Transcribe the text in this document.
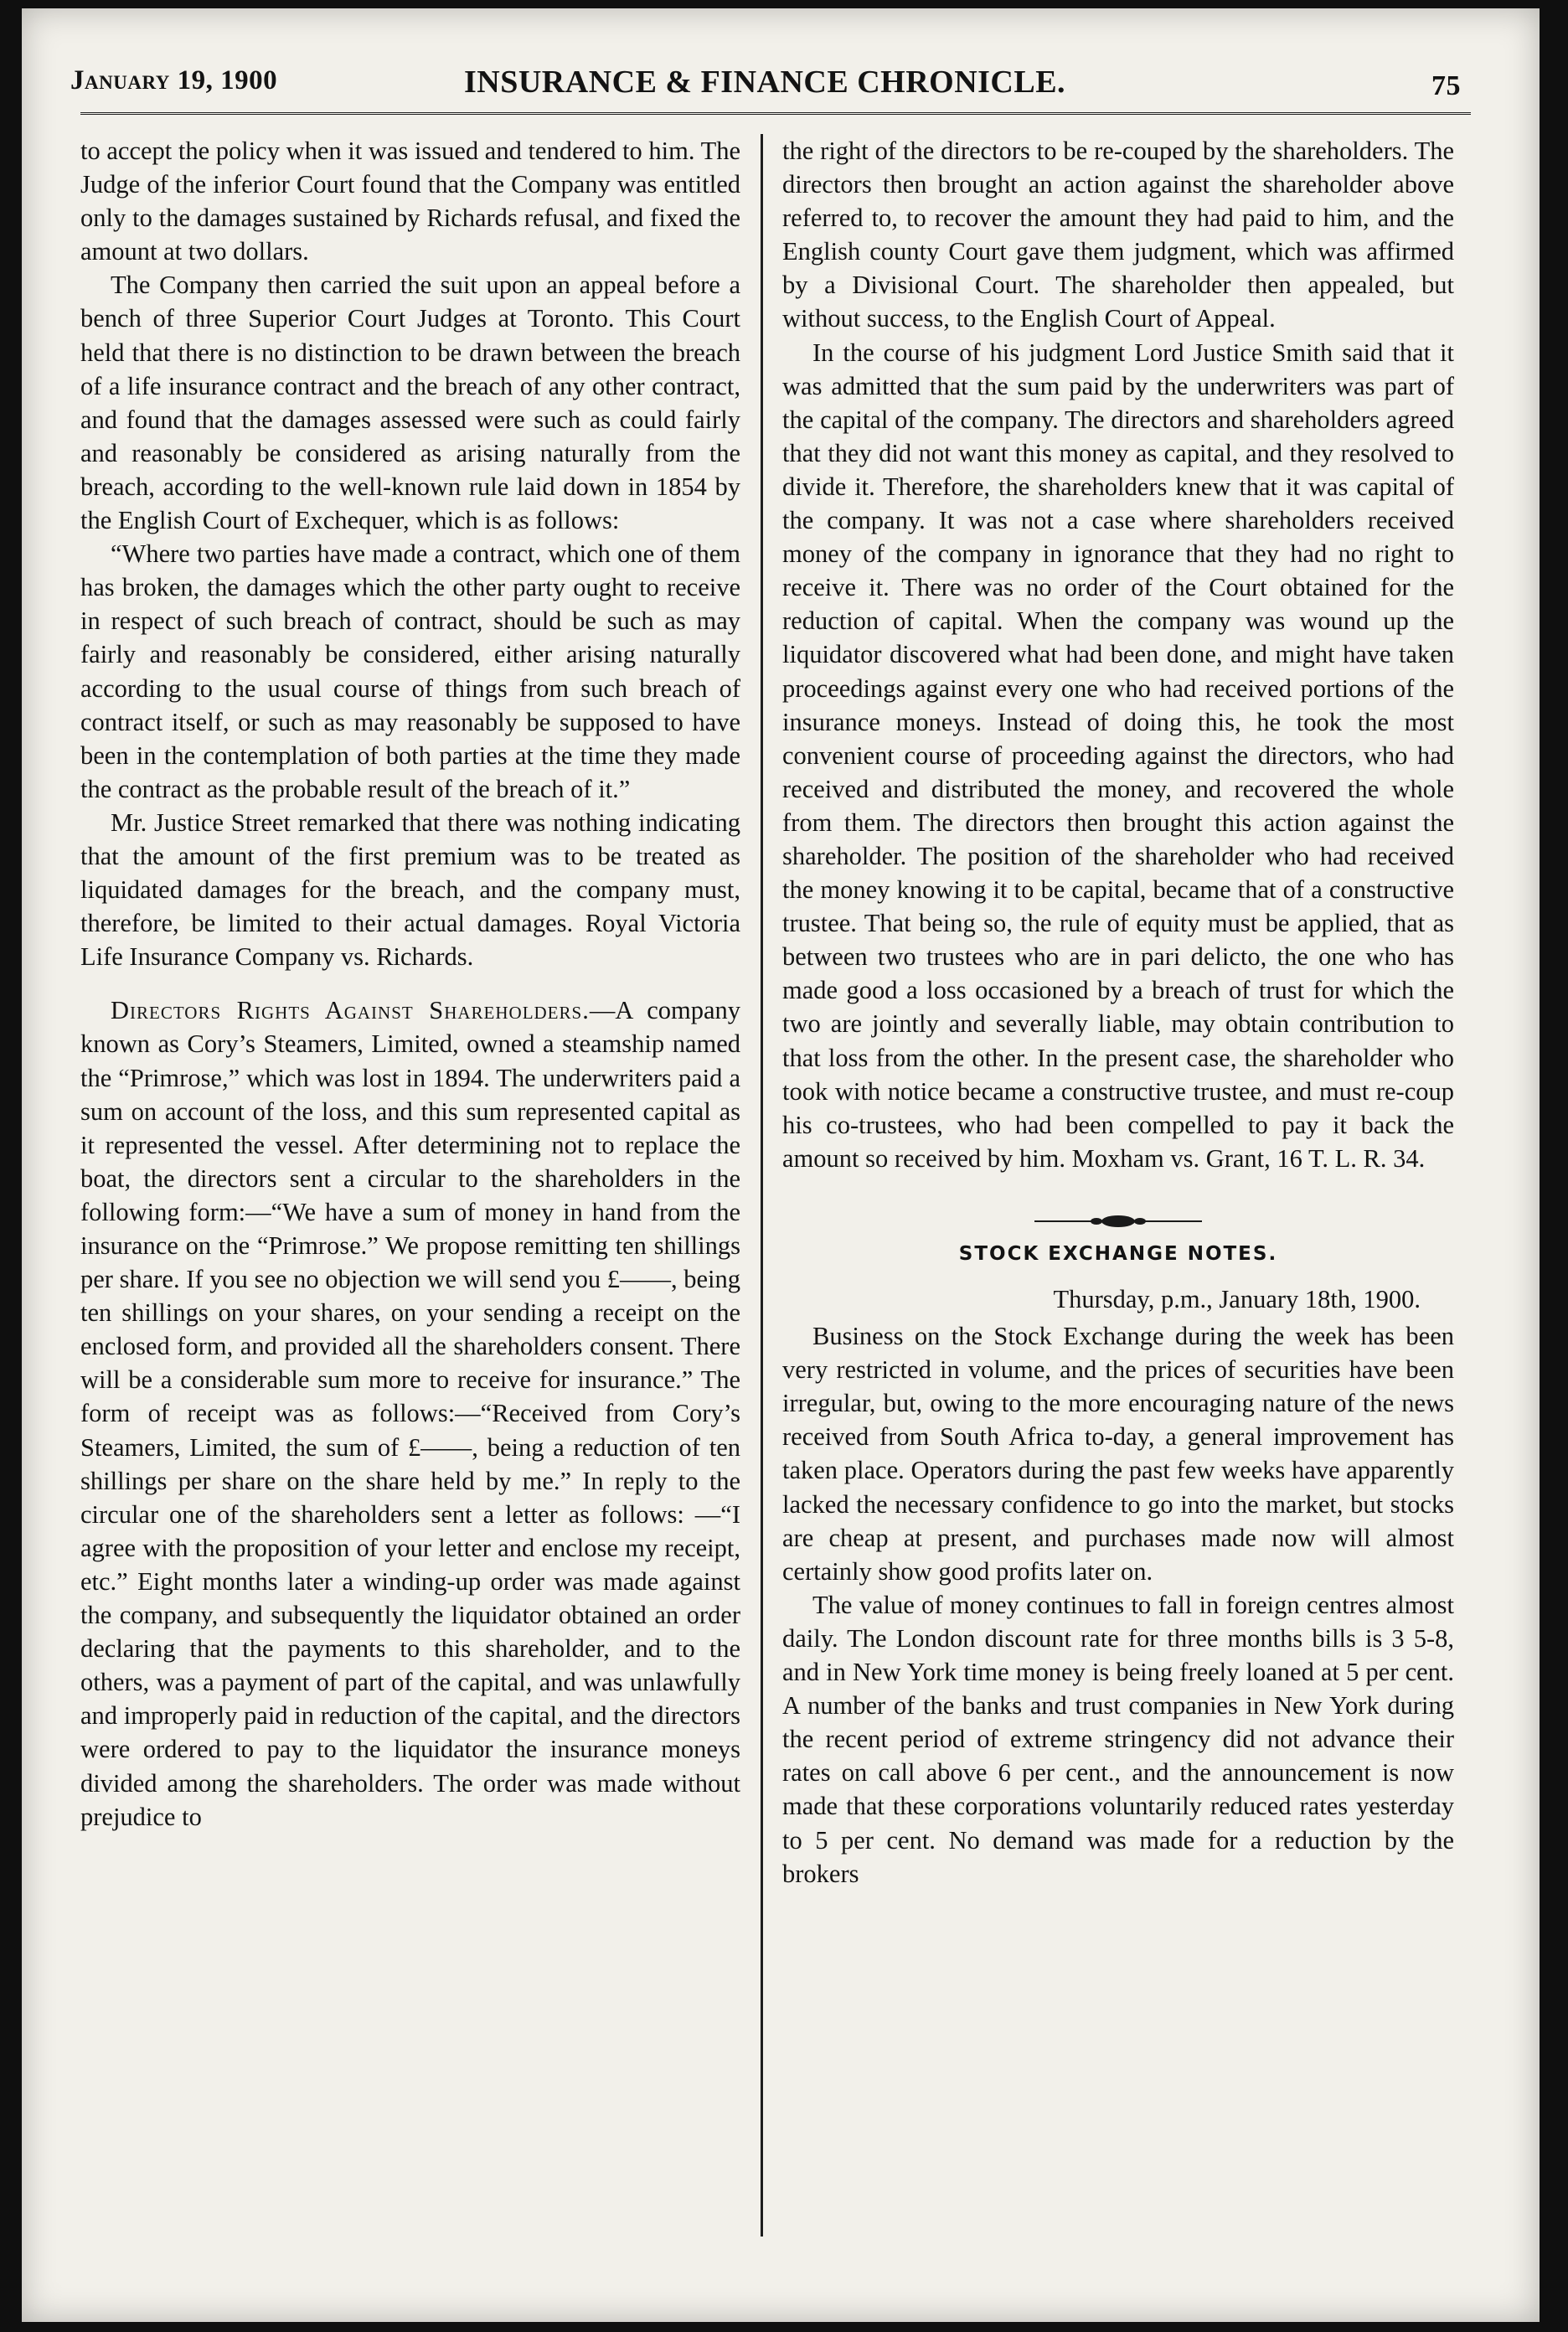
January 19, 1900	INSURANCE & FINANCE CHRONICLE.	75

to accept the policy when it was issued and tendered to him. The Judge of the inferior Court found that the Company was entitled only to the damages sustained by Richards refusal, and fixed the amount at two dollars.

The Company then carried the suit upon an appeal before a bench of three Superior Court Judges at Toronto. This Court held that there is no distinction to be drawn between the breach of a life insurance contract and the breach of any other contract, and found that the damages assessed were such as could fairly and reasonably be considered as arising naturally from the breach, according to the well-known rule laid down in 1854 by the English Court of Exchequer, which is as follows:

“Where two parties have made a contract, which one of them has broken, the damages which the other party ought to receive in respect of such breach of contract, should be such as may fairly and reasonably be considered, either arising naturally according to the usual course of things from such breach of contract itself, or such as may reasonably be supposed to have been in the contemplation of both parties at the time they made the contract as the probable result of the breach of it.”

Mr. Justice Street remarked that there was nothing indicating that the amount of the first premium was to be treated as liquidated damages for the breach, and the company must, therefore, be limited to their actual damages. Royal Victoria Life Insurance Company vs. Richards.

Directors Rights Against Shareholders.—A company known as Cory’s Steamers, Limited, owned a steamship named the “Primrose,” which was lost in 1894. The underwriters paid a sum on account of the loss, and this sum represented capital as it represented the vessel. After determining not to replace the boat, the directors sent a circular to the shareholders in the following form:—“We have a sum of money in hand from the insurance on the “Primrose.” We propose remitting ten shillings per share. If you see no objection we will send you £——, being ten shillings on your shares, on your sending a receipt on the enclosed form, and provided all the shareholders consent. There will be a considerable sum more to receive for insurance.” The form of receipt was as follows:—“Received from Cory’s Steamers, Limited, the sum of £——, being a reduction of ten shillings per share on the share held by me.” In reply to the circular one of the shareholders sent a letter as follows: —“I agree with the proposition of your letter and enclose my receipt, etc.” Eight months later a winding-up order was made against the company, and subsequently the liquidator obtained an order declaring that the payments to this shareholder, and to the others, was a payment of part of the capital, and was unlawfully and improperly paid in reduction of the capital, and the directors were ordered to pay to the liquidator the insurance moneys divided among the shareholders. The order was made without prejudice to

the right of the directors to be re-couped by the shareholders. The directors then brought an action against the shareholder above referred to, to recover the amount they had paid to him, and the English county Court gave them judgment, which was affirmed by a Divisional Court. The shareholder then appealed, but without success, to the English Court of Appeal.

In the course of his judgment Lord Justice Smith said that it was admitted that the sum paid by the underwriters was part of the capital of the company. The directors and shareholders agreed that they did not want this money as capital, and they resolved to divide it. Therefore, the shareholders knew that it was capital of the company. It was not a case where shareholders received money of the company in ignorance that they had no right to receive it. There was no order of the Court obtained for the reduction of capital. When the company was wound up the liquidator discovered what had been done, and might have taken proceedings against every one who had received portions of the insurance moneys. Instead of doing this, he took the most convenient course of proceeding against the directors, who had received and distributed the money, and recovered the whole from them. The directors then brought this action against the shareholder. The position of the shareholder who had received the money knowing it to be capital, became that of a constructive trustee. That being so, the rule of equity must be applied, that as between two trustees who are in pari delicto, the one who has made good a loss occasioned by a breach of trust for which the two are jointly and severally liable, may obtain contribution to that loss from the other. In the present case, the shareholder who took with notice became a constructive trustee, and must re-coup his co-trustees, who had been compelled to pay it back the amount so received by him. Moxham vs. Grant, 16 T. L. R. 34.

STOCK EXCHANGE NOTES.
Thursday, p.m., January 18th, 1900.

Business on the Stock Exchange during the week has been very restricted in volume, and the prices of securities have been irregular, but, owing to the more encouraging nature of the news received from South Africa to-day, a general improvement has taken place. Operators during the past few weeks have apparently lacked the necessary confidence to go into the market, but stocks are cheap at present, and purchases made now will almost certainly show good profits later on.

The value of money continues to fall in foreign centres almost daily. The London discount rate for three months bills is 3 5-8, and in New York time money is being freely loaned at 5 per cent. A number of the banks and trust companies in New York during the recent period of extreme stringency did not advance their rates on call above 6 per cent., and the announcement is now made that these corporations voluntarily reduced rates yesterday to 5 per cent. No demand was made for a reduction by the brokers
